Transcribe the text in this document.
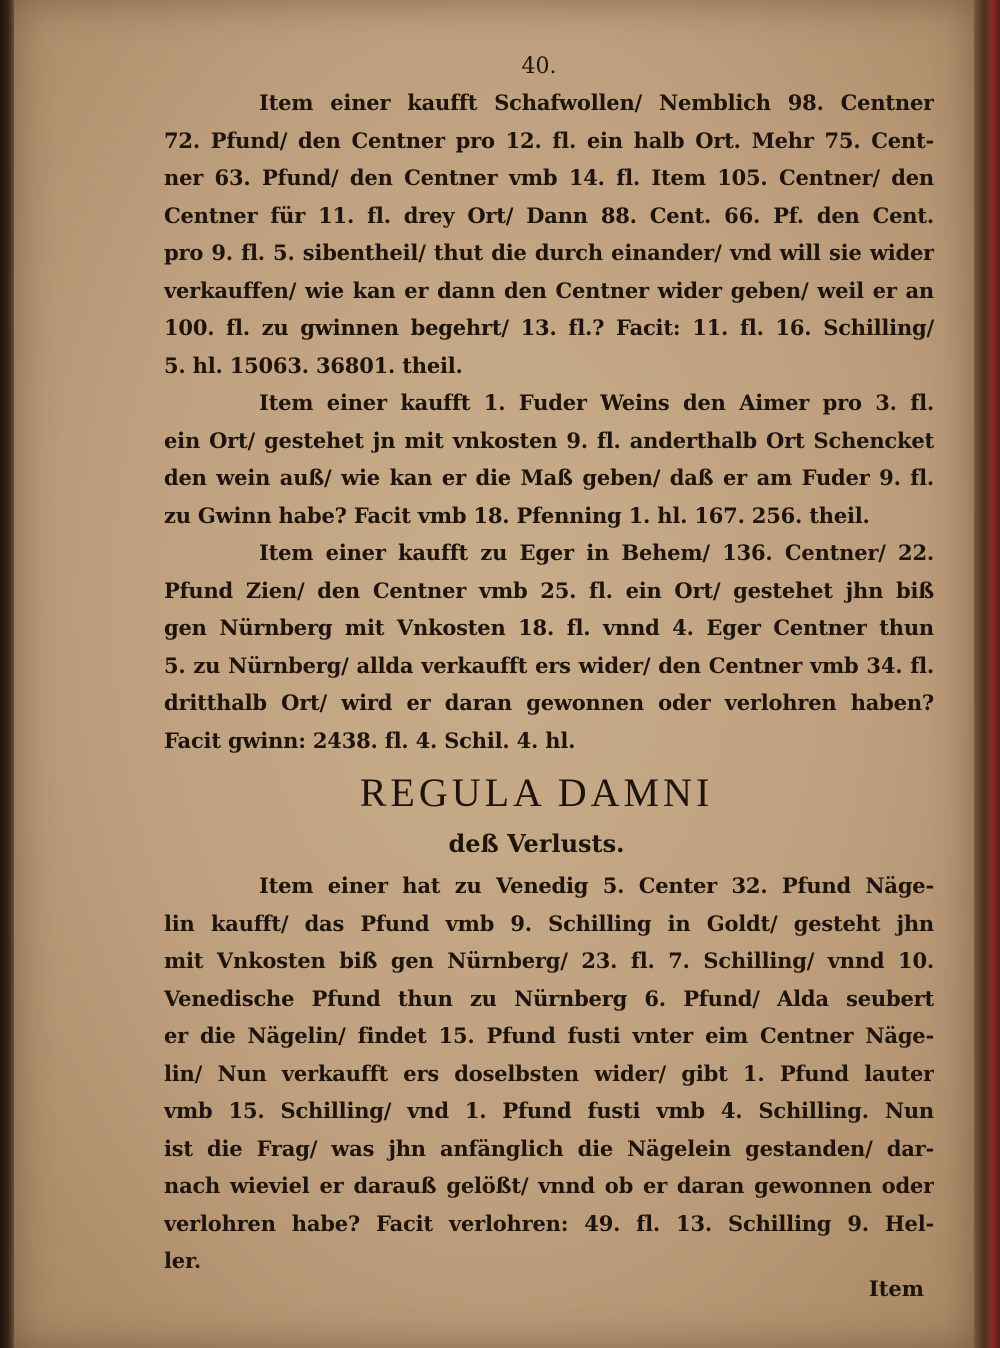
40.
Item einer kaufft Schafwollen/ Nemblich 98. Centner
72. Pfund/ den Centner pro 12. fl. ein halb Ort. Mehr 75. Cent-
ner 63. Pfund/ den Centner vmb 14. fl. Item 105. Centner/ den
Centner für 11. fl. drey Ort/ Dann 88. Cent. 66. Pf. den Cent.
pro 9. fl. 5. sibentheil/ thut die durch einander/ vnd will sie wider
verkauffen/ wie kan er dann den Centner wider geben/ weil er an
100. fl. zu gwinnen begehrt/ 13. fl.? Facit: 11. fl. 16. Schilling/
5. hl. 15063. 36801. theil.
Item einer kaufft 1. Fuder Weins den Aimer pro 3. fl.
ein Ort/ gestehet jn mit vnkosten 9. fl. anderthalb Ort Schencket
den wein auß/ wie kan er die Maß geben/ daß er am Fuder 9. fl.
zu Gwinn habe? Facit vmb 18. Pfenning 1. hl. 167. 256. theil.
Item einer kaufft zu Eger in Behem/ 136. Centner/ 22.
Pfund Zien/ den Centner vmb 25. fl. ein Ort/ gestehet jhn biß
gen Nürnberg mit Vnkosten 18. fl. vnnd 4. Eger Centner thun
5. zu Nürnberg/ allda verkaufft ers wider/ den Centner vmb 34. fl.
dritthalb Ort/ wird er daran gewonnen oder verlohren haben?
Facit gwinn: 2438. fl. 4. Schil. 4. hl.
REGULA DAMNI
deß Verlusts.
Item einer hat zu Venedig 5. Center 32. Pfund Näge-
lin kaufft/ das Pfund vmb 9. Schilling in Goldt/ gesteht jhn
mit Vnkosten biß gen Nürnberg/ 23. fl. 7. Schilling/ vnnd 10.
Venedische Pfund thun zu Nürnberg 6. Pfund/ Alda seubert
er die Nägelin/ findet 15. Pfund fusti vnter eim Centner Näge-
lin/ Nun verkaufft ers doselbsten wider/ gibt 1. Pfund lauter
vmb 15. Schilling/ vnd 1. Pfund fusti vmb 4. Schilling. Nun
ist die Frag/ was jhn anfänglich die Nägelein gestanden/ dar-
nach wieviel er darauß gelößt/ vnnd ob er daran gewonnen oder
verlohren habe? Facit verlohren: 49. fl. 13. Schilling 9. Hel-
ler.
Item
